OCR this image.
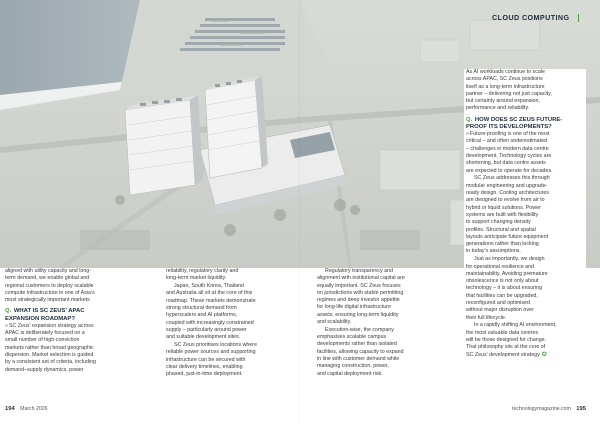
CLOUD COMPUTING

aligned with utility capacity and long-
term demand, we enable global and
regional customers to deploy scalable
compute infrastructure in one of Asia's
most strategically important markets

Q. WHAT IS SC ZEUS' APAC
EXPANSION ROADMAP?

»SC Zeus' expansion strategy across
APAC is deliberately focused on a
small number of high-conviction
markets rather than broad geographic
dispersion. Market selection is guided
by a consistent set of criteria, including
demand–supply dynamics, power

reliability, regulatory clarity and
long-term market liquidity.

Japan, South Korea, Thailand
and Australia all sit at the core of this
roadmap. These markets demonstrate
strong structural demand from
hyperscalers and AI platforms,
coupled with increasingly constrained
supply – particularly around power
and suitable development sites.

SC Zeus prioritises locations where
reliable power sources and supporting
infrastructure can be secured with
clear delivery timelines, enabling
phased, just-in-time deployment.

Regulatory transparency and
alignment with institutional capital are
equally important. SC Zeus focuses
on jurisdictions with stable permitting
regimes and deep investor appetite
for long-life digital infrastructure
assets, ensuring long-term liquidity
and scalability.

Execution-wise, the company
emphasises scalable campus
developments rather than isolated
facilities, allowing capacity to expand
in line with customer demand while
managing construction, power,
and capital deployment risk.

As AI workloads continue to scale
across APAC, SC Zeus positions
itself as a long-term infrastructure
partner – delivering not just capacity,
but certainty around expansion,
performance and reliability.

Q. HOW DOES SC ZEUS FUTURE-
PROOF ITS DEVELOPMENTS?

»Future-proofing is one of the most
critical – and often underestimated
– challenges in modern data centre
development. Technology cycles are
shortening, but data centre assets
are expected to operate for decades.

SC Zeus addresses this through
modular engineering and upgrade-
ready design. Cooling architectures
are designed to evolve from air to
hybrid or liquid solutions. Power
systems are built with flexibility
to support changing density
profiles. Structural and spatial
layouts anticipate future equipment
generations rather than locking
in today's assumptions.

Just as importantly, we design
for operational resilience and
maintainability. Avoiding premature
obsolescence is not only about
technology – it is about ensuring
that facilities can be upgraded,
reconfigured and optimised
without major disruption over
their full lifecycle.

In a rapidly shifting AI environment,
the most valuable data centres
will be those designed for change.
That philosophy sits at the core of
SC Zeus' development strategy ✪

194 March 2026	technologymagazine.com 195
